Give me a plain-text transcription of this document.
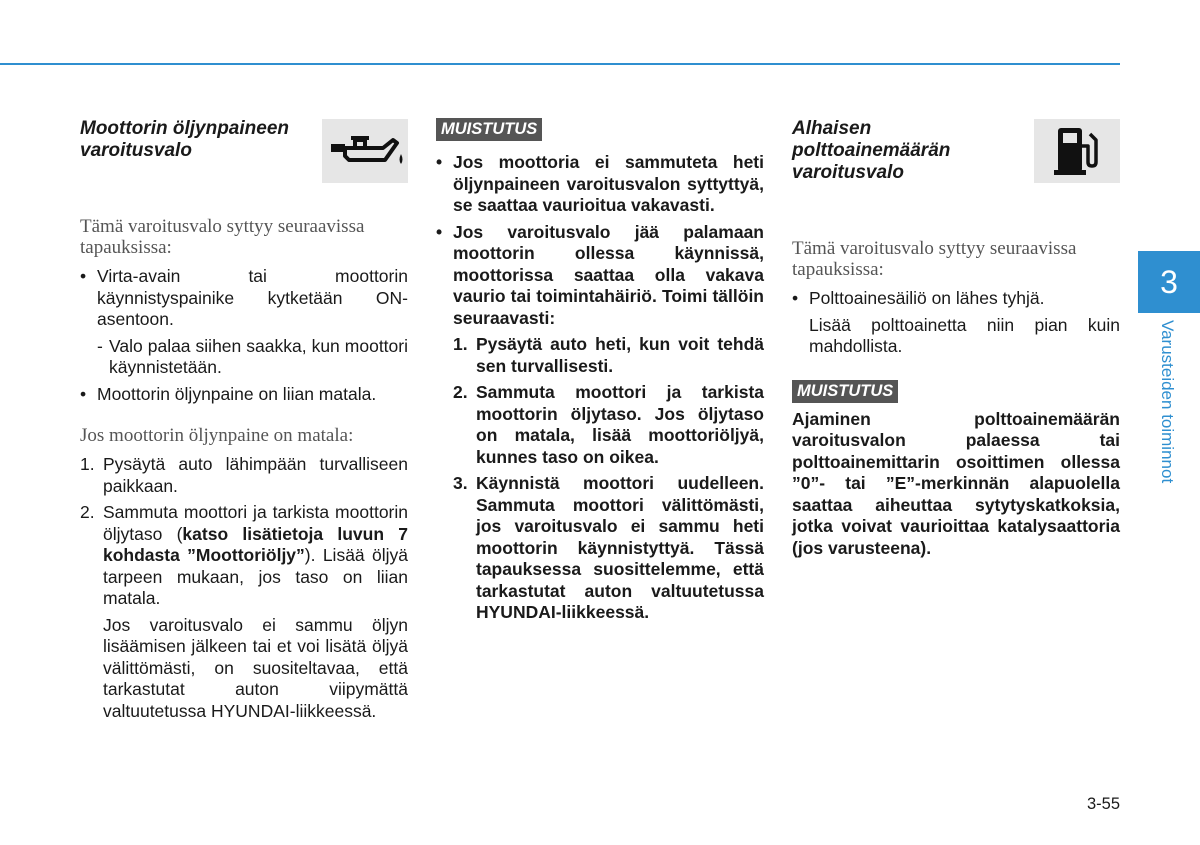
Moottorin öljynpaineen varoitusvalo

Tämä varoitusvalo syttyy seuraavissa tapauksissa:

• Virta-avain tai moottorin käynnistyspainike kytketään ON-asentoon.

- Valo palaa siihen saakka, kun moottori käynnistetään.

• Moottorin öljynpaine on liian matala.

Jos moottorin öljynpaine on matala:

1. Pysäytä auto lähimpään turvalliseen paikkaan.

2. Sammuta moottori ja tarkista moottorin öljytaso (katso lisätietoja luvun 7 kohdasta ”Moottoriöljy”). Lisää öljyä tarpeen mukaan, jos taso on liian matala.

Jos varoitusvalo ei sammu öljyn lisäämisen jälkeen tai et voi lisätä öljyä välittömästi, on suositeltavaa, että tarkastutat auton viipymättä valtuutetussa HYUNDAI-liikkeessä.

MUISTUTUS

• Jos moottoria ei sammuteta heti öljynpaineen varoitusvalon syttyttyä, se saattaa vaurioitua vakavasti.

• Jos varoitusvalo jää palamaan moottorin ollessa käynnissä, moottorissa saattaa olla vakava vaurio tai toimintahäiriö. Toimi tällöin seuraavasti:

1. Pysäytä auto heti, kun voit tehdä sen turvallisesti.

2. Sammuta moottori ja tarkista moottorin öljytaso. Jos öljytaso on matala, lisää moottoriöljyä, kunnes taso on oikea.

3. Käynnistä moottori uudelleen. Sammuta moottori välittömästi, jos varoitusvalo ei sammu heti moottorin käynnistyttyä. Tässä tapauksessa suosittelemme, että tarkastutat auton valtuutetussa HYUNDAI-liikkeessä.

Alhaisen polttoainemäärän varoitusvalo

Tämä varoitusvalo syttyy seuraavissa tapauksissa:

• Polttoainesäiliö on lähes tyhjä.

Lisää polttoainetta niin pian kuin mahdollista.

MUISTUTUS

Ajaminen polttoainemäärän varoitusvalon palaessa tai polttoainemittarin osoittimen ollessa ”0”- tai ”E”-merkinnän alapuolella saattaa aiheuttaa sytytyskatkoksia, jotka voivat vaurioittaa katalysaattoria (jos varusteena).

3
Varusteiden toiminnot
3-55
